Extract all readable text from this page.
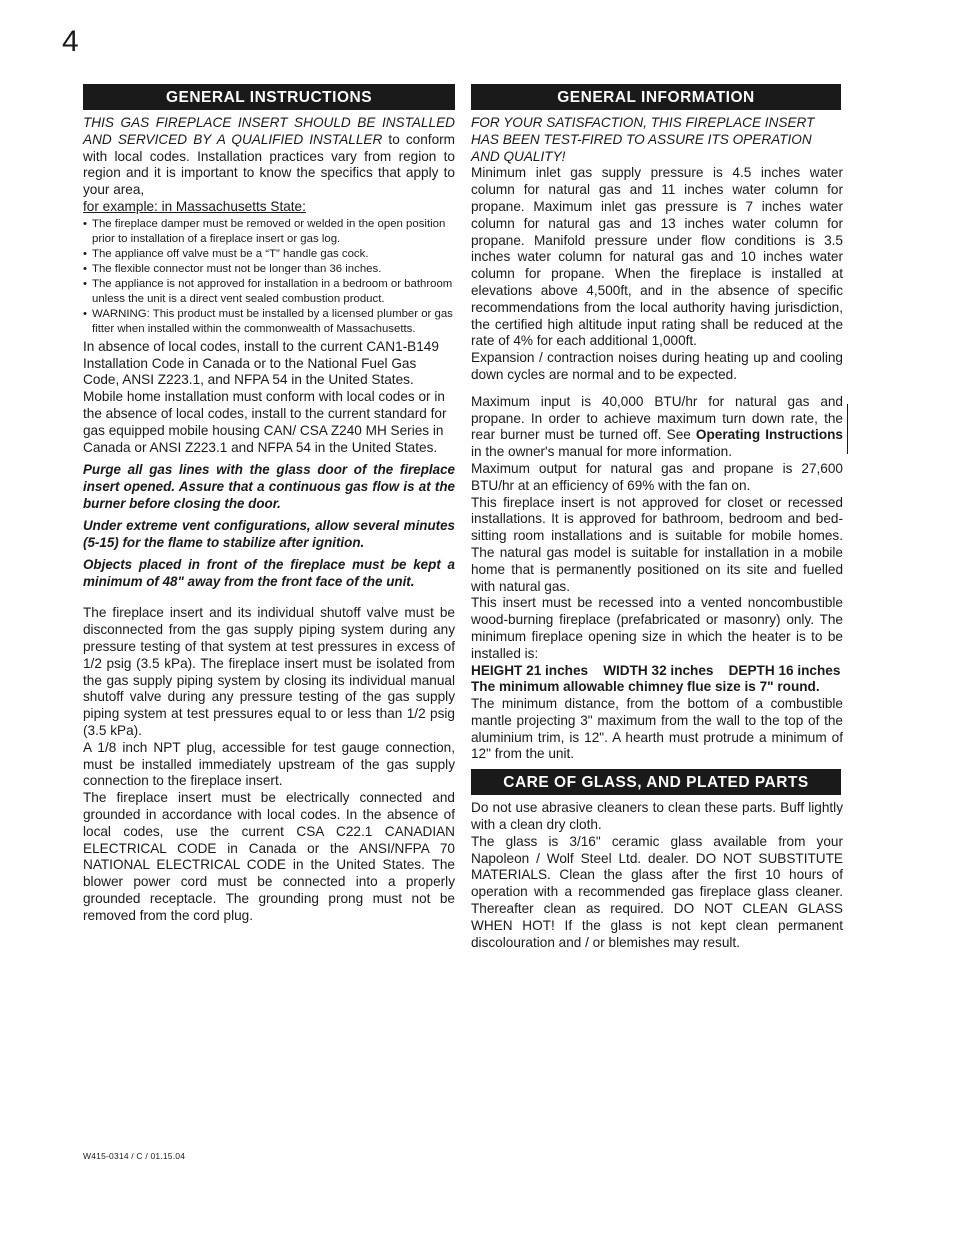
4
GENERAL INSTRUCTIONS

THIS GAS FIREPLACE INSERT SHOULD BE INSTALLED AND SERVICED BY A QUALIFIED INSTALLER to conform with local codes. Installation practices vary from region to region and it is important to know the specifics that apply to your area,

for example: in Massachusetts State:

• The fireplace damper must be removed or welded in the open position prior to installation of a fireplace insert or gas log.
• The appliance off valve must be a “T” handle gas cock.
• The flexible connector must not be longer than 36 inches.
• The appliance is not approved for installation in a bedroom or bathroom unless the unit is a direct vent sealed combustion product.
• WARNING: This product must be installed by a licensed plumber or gas fitter when installed within the commonwealth of Massachusetts.

In absence of local codes, install to the current CAN1-B149 Installation Code in Canada or to the National Fuel Gas Code, ANSI Z223.1, and NFPA 54 in the United States. Mobile home installation must conform with local codes or in the absence of local codes, install to the current standard for gas equipped mobile housing CAN/ CSA Z240 MH Series in Canada or ANSI Z223.1 and NFPA 54 in the United States.

Purge all gas lines with the glass door of the fireplace insert opened. Assure that a continuous gas flow is at the burner before closing the door.

Under extreme vent configurations, allow several minutes (5-15) for the flame to stabilize after ignition.

Objects placed in front of the fireplace must be kept a minimum of 48" away from the front face of the unit.

The fireplace insert and its individual shutoff valve must be disconnected from the gas supply piping system during any pressure testing of that system at test pressures in excess of 1/2 psig (3.5 kPa). The fireplace insert must be isolated from the gas supply piping system by closing its individual manual shutoff valve during any pressure testing of the gas supply piping system at test pressures equal to or less than 1/2 psig (3.5 kPa).

A 1/8 inch NPT plug, accessible for test gauge connection, must be installed immediately upstream of the gas supply connection to the fireplace insert.

The fireplace insert must be electrically connected and grounded in accordance with local codes. In the absence of local codes, use the current CSA C22.1 CANADIAN ELECTRICAL CODE in Canada or the ANSI/NFPA 70 NATIONAL ELECTRICAL CODE in the United States. The blower power cord must be connected into a properly grounded receptacle. The grounding prong must not be removed from the cord plug.

GENERAL INFORMATION

FOR YOUR SATISFACTION, THIS FIREPLACE INSERT HAS BEEN TEST-FIRED TO ASSURE ITS OPERATION AND QUALITY!

Minimum inlet gas supply pressure is 4.5 inches water column for natural gas and 11 inches water column for propane. Maximum inlet gas pressure is 7 inches water column for natural gas and 13 inches water column for propane. Manifold pressure under flow conditions is 3.5 inches water column for natural gas and 10 inches water column for propane. When the fireplace is installed at elevations above 4,500ft, and in the absence of specific recommendations from the local authority having jurisdiction, the certified high altitude input rating shall be reduced at the rate of 4% for each additional 1,000ft.

Expansion / contraction noises during heating up and cooling down cycles are normal and to be expected.

Maximum input is 40,000 BTU/hr for natural gas and propane. In order to achieve maximum turn down rate, the rear burner must be turned off. See Operating Instructions in the owner's manual for more information.

Maximum output for natural gas and propane is 27,600 BTU/hr at an efficiency of 69% with the fan on.

This fireplace insert is not approved for closet or recessed installations. It is approved for bathroom, bedroom and bed-sitting room installations and is suitable for mobile homes. The natural gas model is suitable for installation in a mobile home that is permanently positioned on its site and fuelled with natural gas.

This insert must be recessed into a vented noncombustible wood-burning fireplace (prefabricated or masonry) only. The minimum fireplace opening size in which the heater is to be installed is:

HEIGHT 21 inches    WIDTH 32 inches    DEPTH 16 inches

The minimum allowable chimney flue size is 7" round.

The minimum distance, from the bottom of a combustible mantle projecting 3" maximum from the wall to the top of the aluminium trim, is 12". A hearth must protrude a minimum of 12" from the unit.

CARE OF GLASS, AND PLATED PARTS

Do not use abrasive cleaners to clean these parts. Buff lightly with a clean dry cloth.

The glass is 3/16" ceramic glass available from your Napoleon / Wolf Steel Ltd. dealer. DO NOT SUBSTITUTE MATERIALS. Clean the glass after the first 10 hours of operation with a recommended gas fireplace glass cleaner. Thereafter clean as required. DO NOT CLEAN GLASS WHEN HOT! If the glass is not kept clean permanent discolouration and / or blemishes may result.

W415-0314 / C / 01.15.04
